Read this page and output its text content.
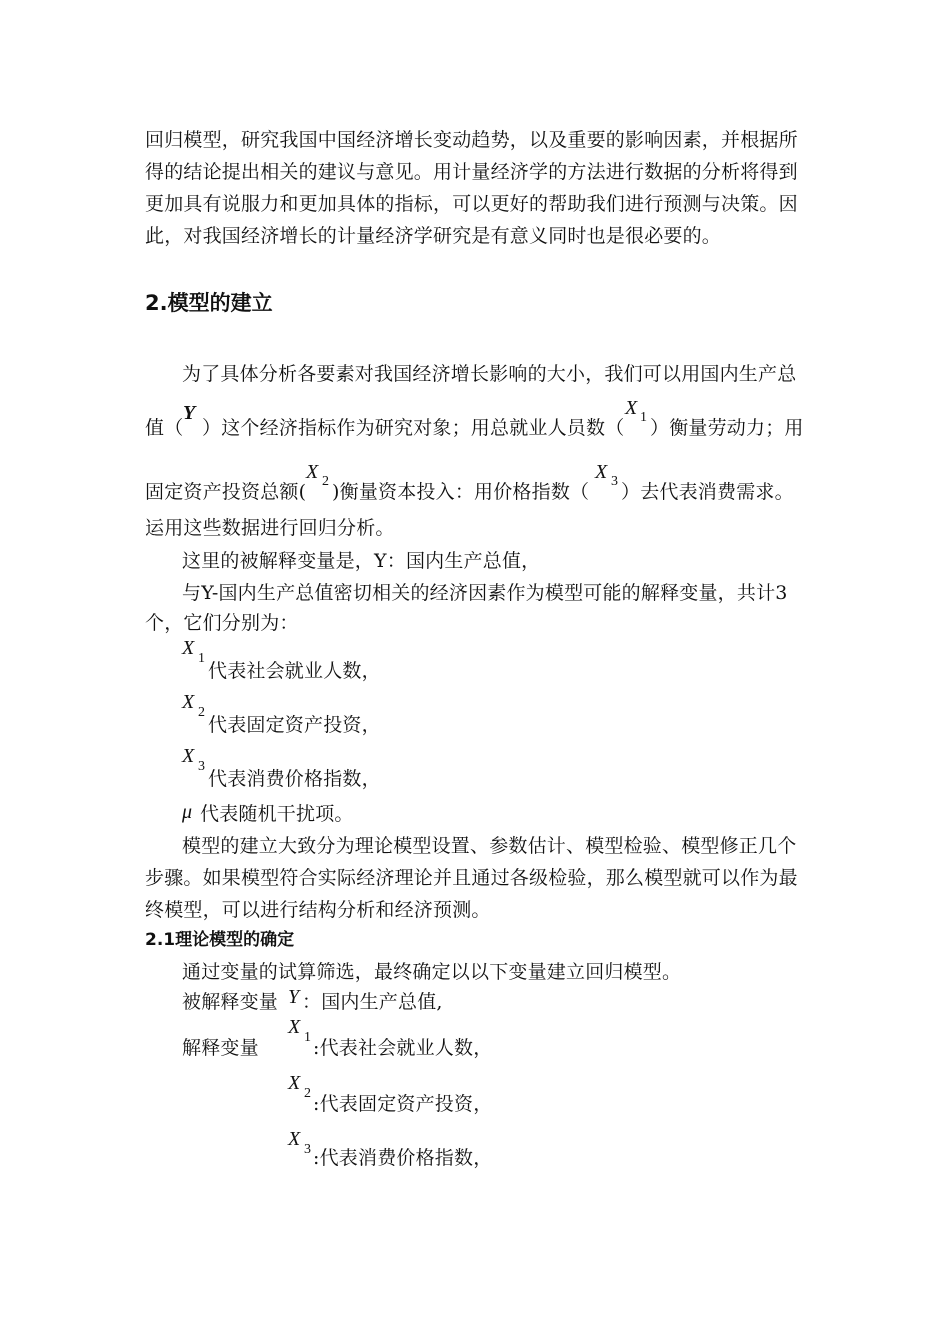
回归模型，研究我国中国经济增长变动趋势，以及重要的影响因素，并根据所
得的结论提出相关的建议与意见。用计量经济学的方法进行数据的分析将得到
更加具有说服力和更加具体的指标，可以更好的帮助我们进行预测与决策。因
此，对我国经济增长的计量经济学研究是有意义同时也是很必要的。
2.模型的建立
为了具体分析各要素对我国经济增长影响的大小，我们可以用国内生产总
值（
Y
）这个经济指标作为研究对象；用总就业人员数（
X 1 ）衡量劳动力；用
固定资产投资总额(
X 2 )衡量资本投入：用价格指数（
X 3 ）去代表消费需求。
运用这些数据进行回归分析。
这里的被解释变量是，Y：国内生产总值，
与Y-国内生产总值密切相关的经济因素作为模型可能的解释变量，共计3
个，它们分别为：
X 1
代表社会就业人数，
X 2
代表固定资产投资，
X 3
代表消费价格指数，
μ 代表随机干扰项。
模型的建立大致分为理论模型设置、参数估计、模型检验、模型修正几个
步骤。如果模型符合实际经济理论并且通过各级检验，那么模型就可以作为最
终模型，可以进行结构分析和经济预测。
2.1理论模型的确定
通过变量的试算筛选，最终确定以以下变量建立回归模型。
被解释变量 Y ：国内生产总值,
解释变量
X 1 :代表社会就业人数，
X 2 :代表固定资产投资，
X 3 :代表消费价格指数，
